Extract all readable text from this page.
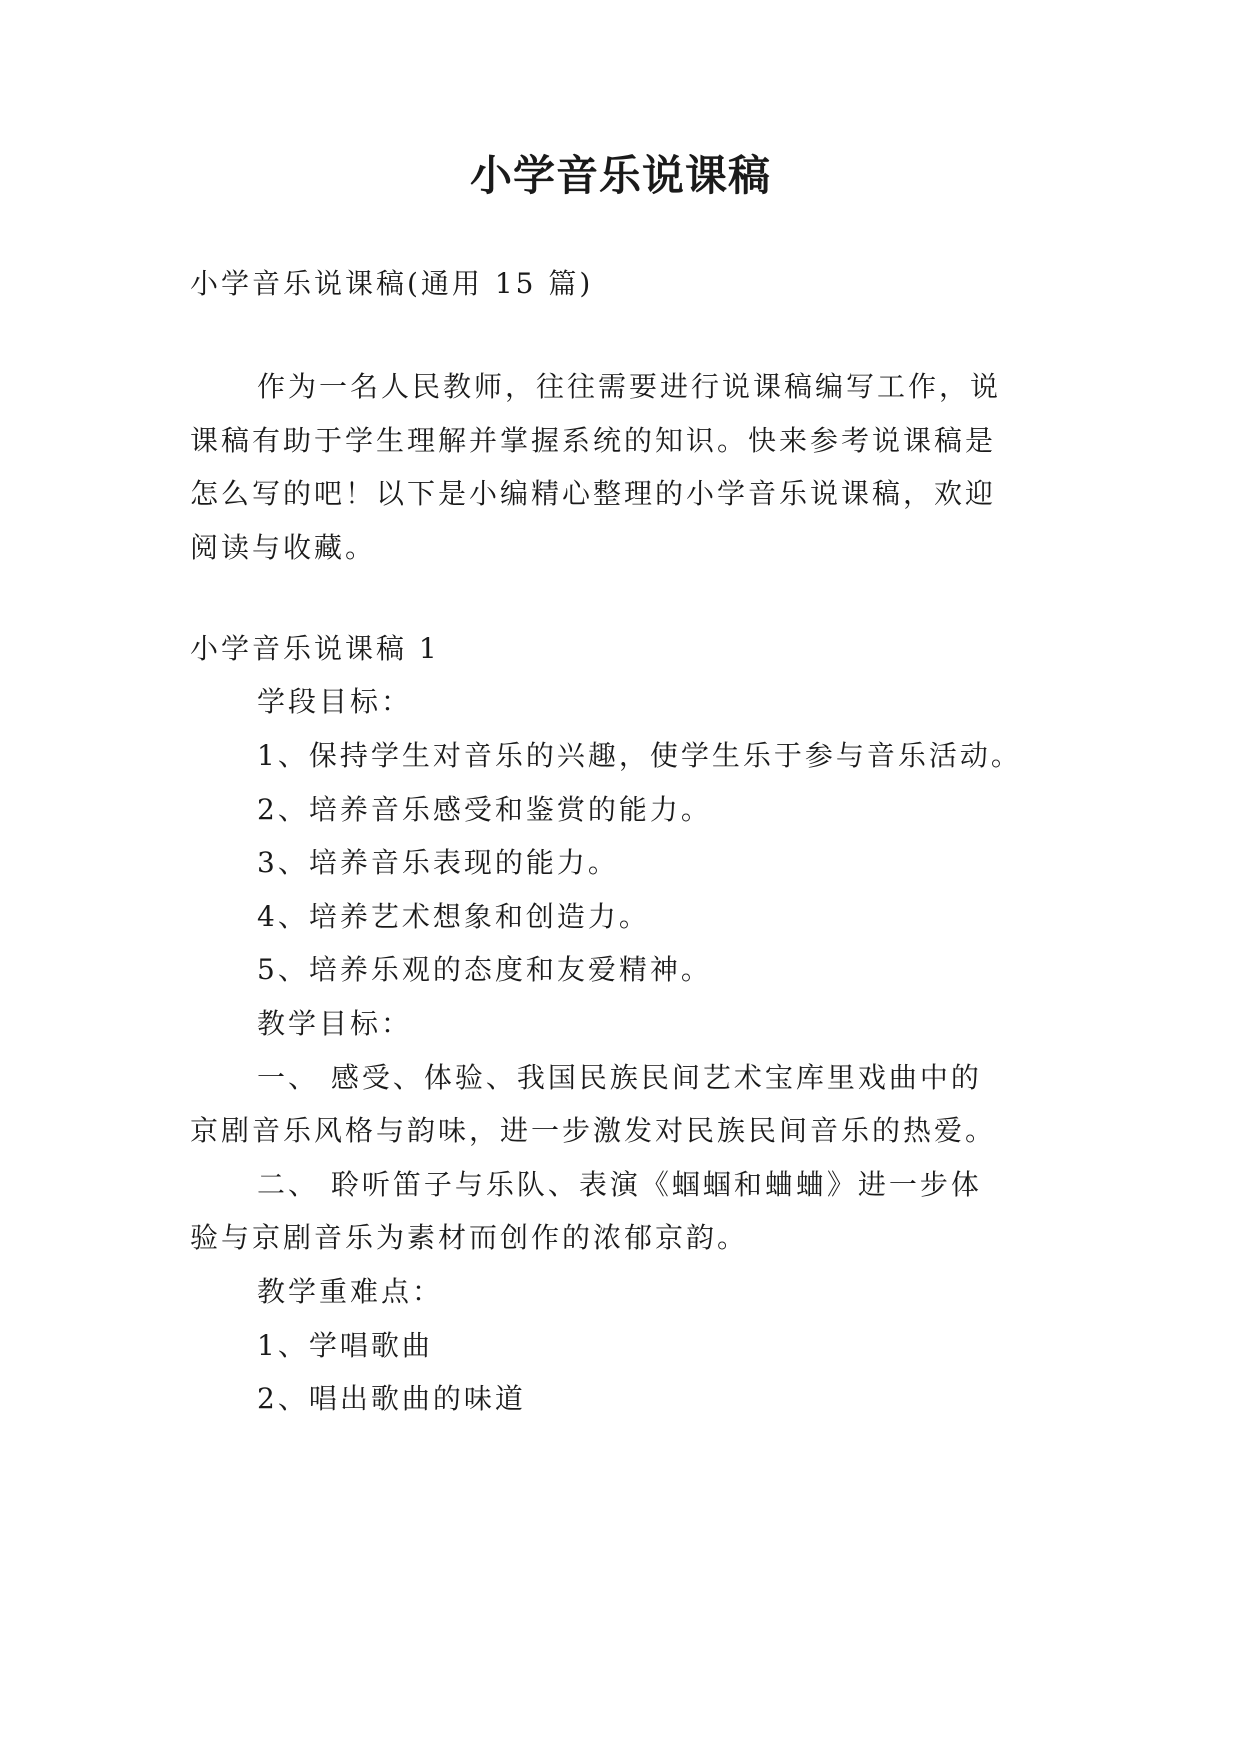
小学音乐说课稿
小学音乐说课稿(通用 15 篇)
作为一名人民教师，往往需要进行说课稿编写工作，说
课稿有助于学生理解并掌握系统的知识。快来参考说课稿是
怎么写的吧！以下是小编精心整理的小学音乐说课稿，欢迎
阅读与收藏。
小学音乐说课稿 1
学段目标：
1、保持学生对音乐的兴趣，使学生乐于参与音乐活动。
2、培养音乐感受和鉴赏的能力。
3、培养音乐表现的能力。
4、培养艺术想象和创造力。
5、培养乐观的态度和友爱精神。
教学目标：
一、 感受、体验、我国民族民间艺术宝库里戏曲中的
京剧音乐风格与韵味，进一步激发对民族民间音乐的热爱。
二、 聆听笛子与乐队、表演《蝈蝈和蛐蛐》进一步体
验与京剧音乐为素材而创作的浓郁京韵。
教学重难点：
1、学唱歌曲
2、唱出歌曲的味道
